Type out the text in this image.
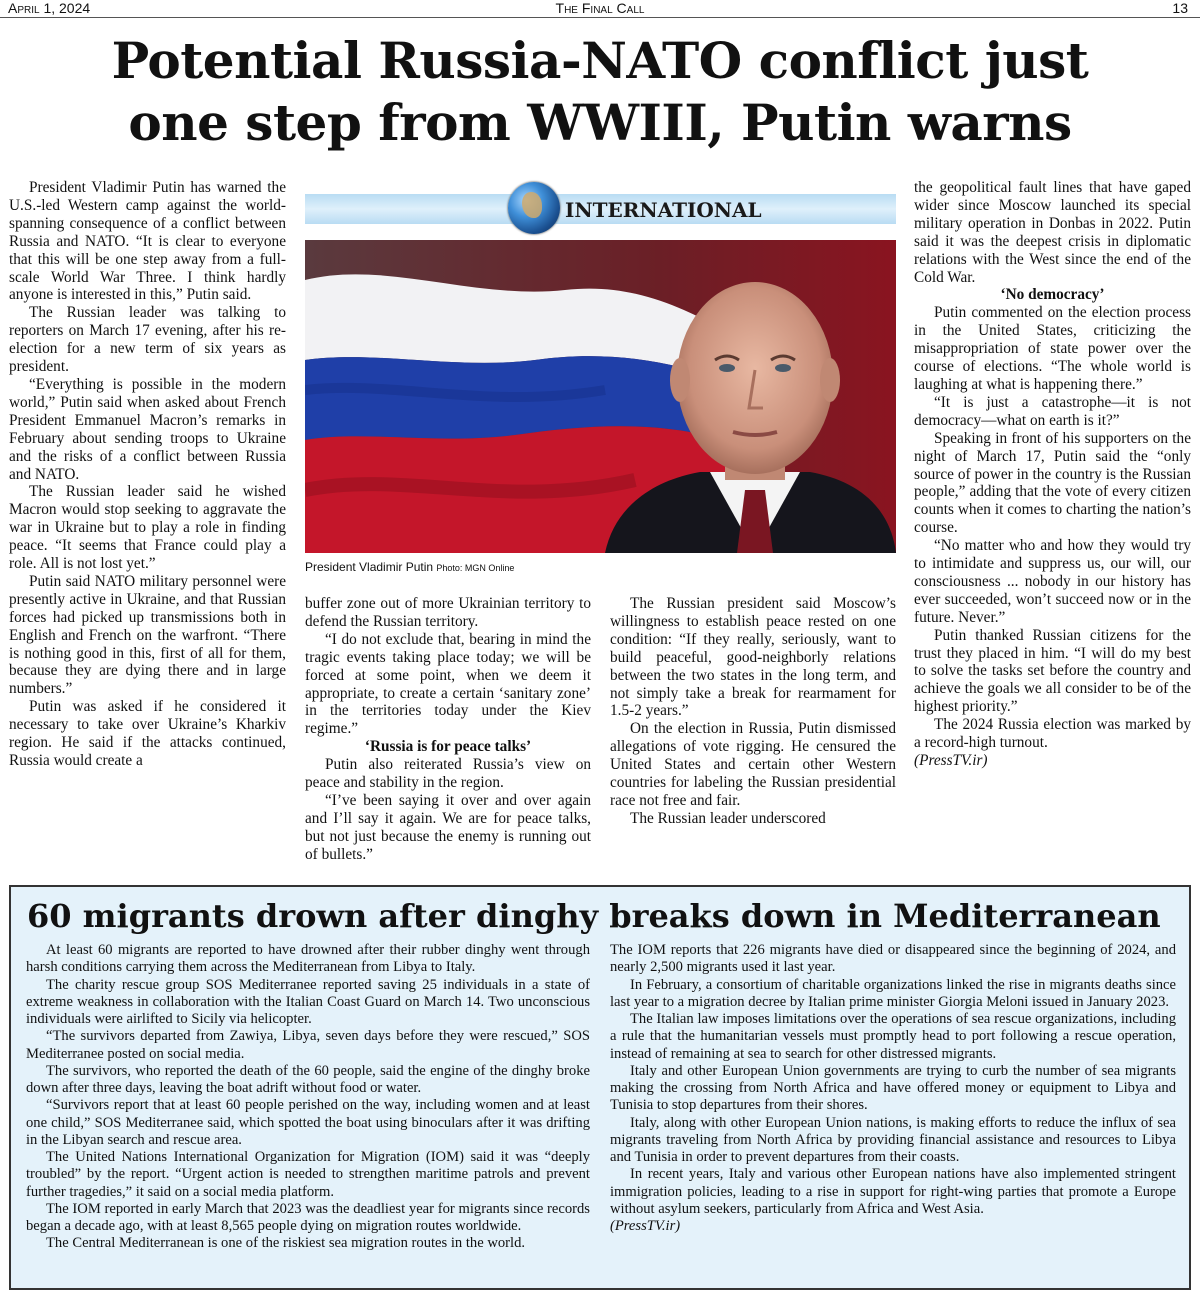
April 1, 2024	The Final Call	13
Potential Russia-NATO conflict just
one step from WWIII, Putin warns

President Vladimir Putin has warned the U.S.-led Western camp against the world-spanning consequence of a conflict between Russia and NATO. “It is clear to everyone that this will be one step away from a full-scale World War Three. I think hardly anyone is interested in this,” Putin said.

The Russian leader was talking to reporters on March 17 evening, after his re-election for a new term of six years as president.

“Everything is possible in the modern world,” Putin said when asked about French President Emmanuel Macron’s remarks in February about sending troops to Ukraine and the risks of a conflict between Russia and NATO.

The Russian leader said he wished Macron would stop seeking to aggravate the war in Ukraine but to play a role in finding peace. “It seems that France could play a role. All is not lost yet.”

Putin said NATO military personnel were presently active in Ukraine, and that Russian forces had picked up transmissions both in English and French on the warfront. “There is nothing good in this, first of all for them, because they are dying there and in large numbers.”

Putin was asked if he considered it necessary to take over Ukraine’s Kharkiv region. He said if the attacks continued, Russia would create a

INTERNATIONAL
President Vladimir Putin Photo: MGN Online

buffer zone out of more Ukrainian territory to defend the Russian territory.

“I do not exclude that, bearing in mind the tragic events taking place today; we will be forced at some point, when we deem it appropriate, to create a certain ‘sanitary zone’ in the territories today under the Kiev regime.”

‘Russia is for peace talks’

Putin also reiterated Russia’s view on peace and stability in the region.

“I’ve been saying it over and over again and I’ll say it again. We are for peace talks, but not just because the enemy is running out of bullets.”

The Russian president said Moscow’s willingness to establish peace rested on one condition: “If they really, seriously, want to build peaceful, good-neighborly relations between the two states in the long term, and not simply take a break for rearmament for 1.5-2 years.”

On the election in Russia, Putin dismissed allegations of vote rigging. He censured the United States and certain other Western countries for labeling the Russian presidential race not free and fair.

The Russian leader underscored

the geopolitical fault lines that have gaped wider since Moscow launched its special military operation in Donbas in 2022. Putin said it was the deepest crisis in diplomatic relations with the West since the end of the Cold War.

‘No democracy’

Putin commented on the election process in the United States, criticizing the misappropriation of state power over the course of elections. “The whole world is laughing at what is happening there.”

“It is just a catastrophe—it is not democracy—what on earth is it?”

Speaking in front of his supporters on the night of March 17, Putin said the “only source of power in the country is the Russian people,” adding that the vote of every citizen counts when it comes to charting the nation’s course.

“No matter who and how they would try to intimidate and suppress us, our will, our consciousness ... nobody in our history has ever succeeded, won’t succeed now or in the future. Never.”

Putin thanked Russian citizens for the trust they placed in him. “I will do my best to solve the tasks set before the country and achieve the goals we all consider to be of the highest priority.”

The 2024 Russia election was marked by a record-high turnout.

(PressTV.ir)

60 migrants drown after dinghy breaks down in Mediterranean

At least 60 migrants are reported to have drowned after their rubber dinghy went through harsh conditions carrying them across the Mediterranean from Libya to Italy.

The charity rescue group SOS Mediterranee reported saving 25 individuals in a state of extreme weakness in collaboration with the Italian Coast Guard on March 14. Two unconscious individuals were airlifted to Sicily via helicopter.

“The survivors departed from Zawiya, Libya, seven days before they were rescued,” SOS Mediterranee posted on social media.

The survivors, who reported the death of the 60 people, said the engine of the dinghy broke down after three days, leaving the boat adrift without food or water.

“Survivors report that at least 60 people perished on the way, including women and at least one child,” SOS Mediterranee said, which spotted the boat using binoculars after it was drifting in the Libyan search and rescue area.

The United Nations International Organization for Migration (IOM) said it was “deeply troubled” by the report. “Urgent action is needed to strengthen maritime patrols and prevent further tragedies,” it said on a social media platform.

The IOM reported in early March that 2023 was the deadliest year for migrants since records began a decade ago, with at least 8,565 people dying on migration routes worldwide.

The Central Mediterranean is one of the riskiest sea migration routes in the world.

The IOM reports that 226 migrants have died or disappeared since the beginning of 2024, and nearly 2,500 migrants used it last year.

In February, a consortium of charitable organizations linked the rise in migrants deaths since last year to a migration decree by Italian prime minister Giorgia Meloni issued in January 2023.

The Italian law imposes limitations over the operations of sea rescue organizations, including a rule that the humanitarian vessels must promptly head to port following a rescue operation, instead of remaining at sea to search for other distressed migrants.

Italy and other European Union governments are trying to curb the number of sea migrants making the crossing from North Africa and have offered money or equipment to Libya and Tunisia to stop departures from their shores.

Italy, along with other European Union nations, is making efforts to reduce the influx of sea migrants traveling from North Africa by providing financial assistance and resources to Libya and Tunisia in order to prevent departures from their coasts.

In recent years, Italy and various other European nations have also implemented stringent immigration policies, leading to a rise in support for right-wing parties that promote a Europe without asylum seekers, particularly from Africa and West Asia.

(PressTV.ir)
